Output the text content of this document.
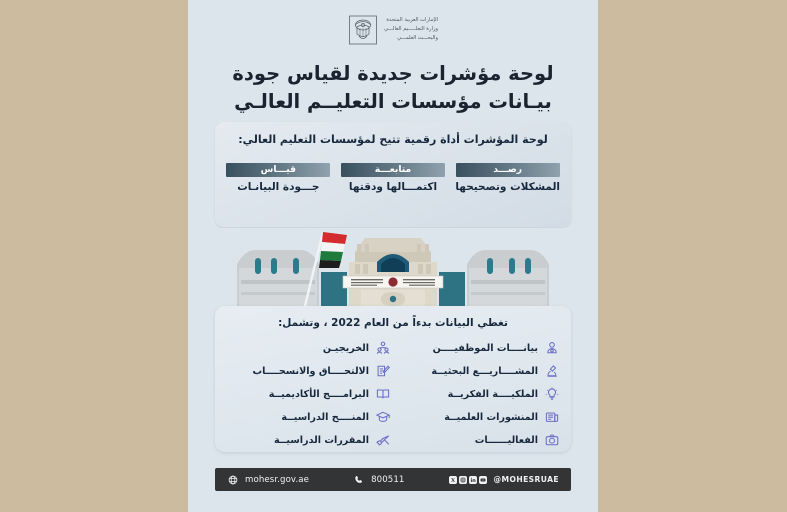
الإمارات العربية المتحدة
وزارة التعلـــــيم العالـــي
والبحـــث العلمـــي
لوحة مؤشرات جديدة لقياس جودة
بيـانات مؤسسات التعليــم العالـي
لوحة المؤشرات أداة رقمية تتيح لمؤسسات التعليم العالي:
رصـــد
المشكلات وتصحيحها
متابعـــة
اكتمـــالها ودقتها
قيـــاس
جـــودة البيانـات
تغطي البيانات بدءاً من العام 2022 ، وتشمل:
بيانــــات الموظفيــــن
الخريجيـن
المشــــاريـــع البحثيــة
الالتحــــاق والانسحــــاب
الملكيــــة الفكريــة
البرامــــج الأكاديميــة
المنشورات العلميــة
المنــــح الدراسيــة
الفعاليــــــات
المقررات الدراسيــة
@MOHESRUAE
800511
mohesr.gov.ae
